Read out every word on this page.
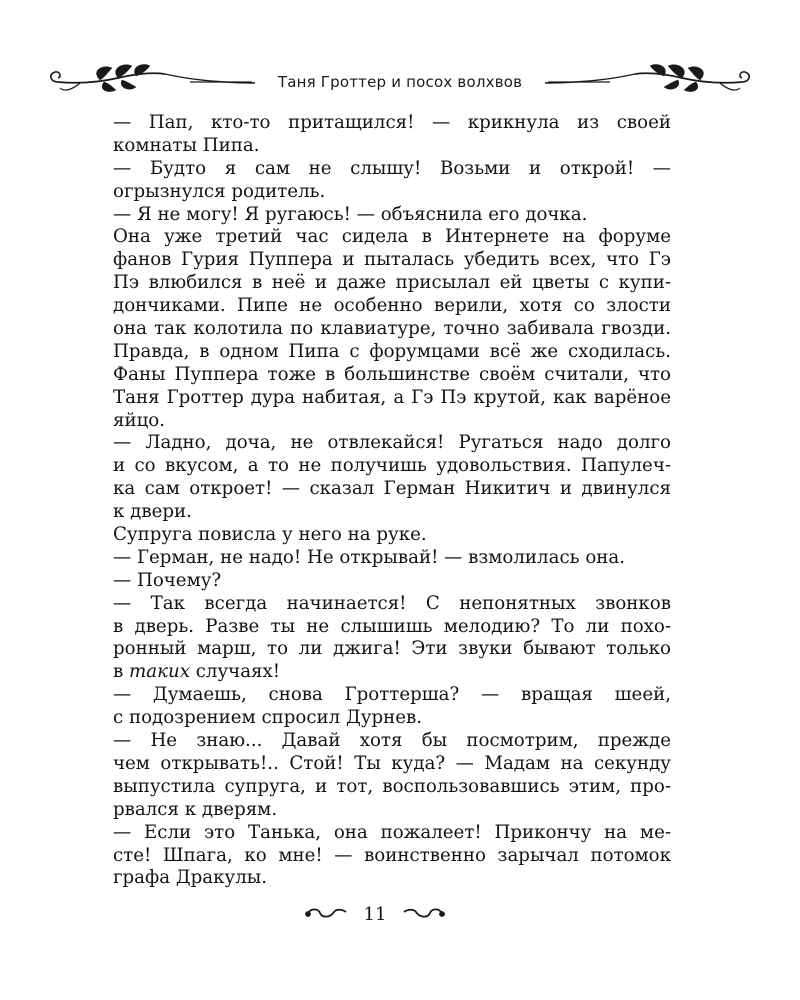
Таня Гроттер и посох волхвов
— Пап, кто-то притащился! — крикнула из своей
комнаты Пипа.
— Будто я сам не слышу! Возьми и открой! —
огрызнулся родитель.
— Я не могу! Я ругаюсь! — объяснила его дочка.
Она уже третий час сидела в Интернете на форуме
фанов Гурия Пуппера и пыталась убедить всех, что Гэ
Пэ влюбился в неё и даже присылал ей цветы с купи-
дончиками. Пипе не особенно верили, хотя со злости
она так колотила по клавиатуре, точно забивала гвозди.
Правда, в одном Пипа с форумцами всё же сходилась.
Фаны Пуппера тоже в большинстве своём считали, что
Таня Гроттер дура набитая, а Гэ Пэ крутой, как варёное
яйцо.
— Ладно, доча, не отвлекайся! Ругаться надо долго
и со вкусом, а то не получишь удовольствия. Папулеч-
ка сам откроет! — сказал Герман Никитич и двинулся
к двери.
Супруга повисла у него на руке.
— Герман, не надо! Не открывай! — взмолилась она.
— Почему?
— Так всегда начинается! С непонятных звонков
в дверь. Разве ты не слышишь мелодию? То ли похо-
ронный марш, то ли джига! Эти звуки бывают только
в таких случаях!
— Думаешь, снова Гроттерша? — вращая шеей,
с подозрением спросил Дурнев.
— Не знаю... Давай хотя бы посмотрим, прежде
чем открывать!.. Стой! Ты куда? — Мадам на секунду
выпустила супруга, и тот, воспользовавшись этим, про-
рвался к дверям.
— Если это Танька, она пожалеет! Прикончу на ме-
сте! Шпага, ко мне! — воинственно зарычал потомок
графа Дракулы.
11
